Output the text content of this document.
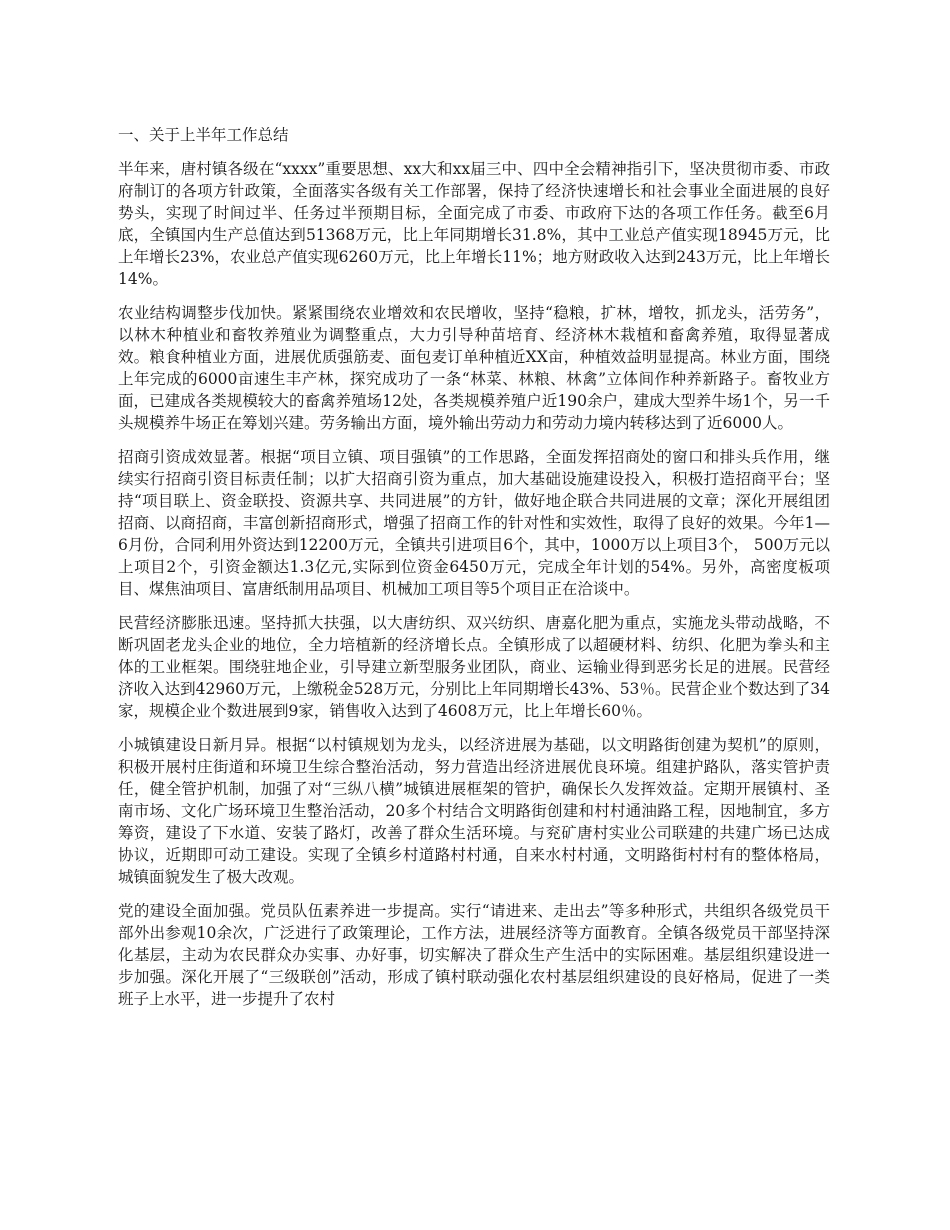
一、关于上半年工作总结

半年来，唐村镇各级在“xxxx”重要思想、xx大和xx届三中、四中全会精神指引下，坚决贯彻市委、市政府制订的各项方针政策，全面落实各级有关工作部署，保持了经济快速增长和社会事业全面进展的良好势头，实现了时间过半、任务过半预期目标，全面完成了市委、市政府下达的各项工作任务。截至6月底，全镇国内生产总值达到51368万元，比上年同期增长31.8%，其中工业总产值实现18945万元，比上年增长23%，农业总产值实现6260万元，比上年增长11%；地方财政收入达到243万元，比上年增长14%。

农业结构调整步伐加快。紧紧围绕农业增效和农民增收，坚持“稳粮，扩林，增牧，抓龙头，活劳务”，以林木种植业和畜牧养殖业为调整重点，大力引导种苗培育、经济林木栽植和畜禽养殖，取得显著成效。粮食种植业方面，进展优质强筋麦、面包麦订单种植近XX亩，种植效益明显提高。林业方面，围绕上年完成的6000亩速生丰产林，探究成功了一条“林菜、林粮、林禽”立体间作种养新路子。畜牧业方面，已建成各类规模较大的畜禽养殖场12处，各类规模养殖户近190余户，建成大型养牛场1个，另一千头规模养牛场正在筹划兴建。劳务输出方面，境外输出劳动力和劳动力境内转移达到了近6000人。

招商引资成效显著。根据“项目立镇、项目强镇”的工作思路，全面发挥招商处的窗口和排头兵作用，继续实行招商引资目标责任制；以扩大招商引资为重点，加大基础设施建设投入，积极打造招商平台；坚持“项目联上、资金联投、资源共享、共同进展”的方针，做好地企联合共同进展的文章；深化开展组团招商、以商招商，丰富创新招商形式，增强了招商工作的针对性和实效性，取得了良好的效果。今年1—6月份，合同利用外资达到12200万元，全镇共引进项目6个，其中，1000万以上项目3个， 500万元以上项目2个，引资金额达1.3亿元,实际到位资金6450万元，完成全年计划的54%。另外，高密度板项目、煤焦油项目、富唐纸制用品项目、机械加工项目等5个项目正在洽谈中。

民营经济膨胀迅速。坚持抓大扶强，以大唐纺织、双兴纺织、唐嘉化肥为重点，实施龙头带动战略，不断巩固老龙头企业的地位，全力培植新的经济增长点。全镇形成了以超硬材料、纺织、化肥为拳头和主体的工业框架。围绕驻地企业，引导建立新型服务业团队，商业、运输业得到恶劣长足的进展。民营经济收入达到42960万元，上缴税金528万元，分别比上年同期增长43%、53％。民营企业个数达到了34家，规模企业个数进展到9家，销售收入达到了4608万元，比上年增长60％。

小城镇建设日新月异。根据“以村镇规划为龙头，以经济进展为基础，以文明路街创建为契机”的原则，积极开展村庄街道和环境卫生综合整治活动，努力营造出经济进展优良环境。组建护路队，落实管护责任，健全管护机制，加强了对“三纵八横”城镇进展框架的管护，确保长久发挥效益。定期开展镇村、圣南市场、文化广场环境卫生整治活动，20多个村结合文明路街创建和村村通油路工程，因地制宜，多方筹资，建设了下水道、安装了路灯，改善了群众生活环境。与兖矿唐村实业公司联建的共建广场已达成协议，近期即可动工建设。实现了全镇乡村道路村村通，自来水村村通，文明路街村村有的整体格局，城镇面貌发生了极大改观。

党的建设全面加强。党员队伍素养进一步提高。实行“请进来、走出去”等多种形式，共组织各级党员干部外出参观10余次，广泛进行了政策理论，工作方法，进展经济等方面教育。全镇各级党员干部坚持深化基层，主动为农民群众办实事、办好事，切实解决了群众生产生活中的实际困难。基层组织建设进一步加强。深化开展了“三级联创”活动，形成了镇村联动强化农村基层组织建设的良好格局，促进了一类班子上水平，进一步提升了农村
